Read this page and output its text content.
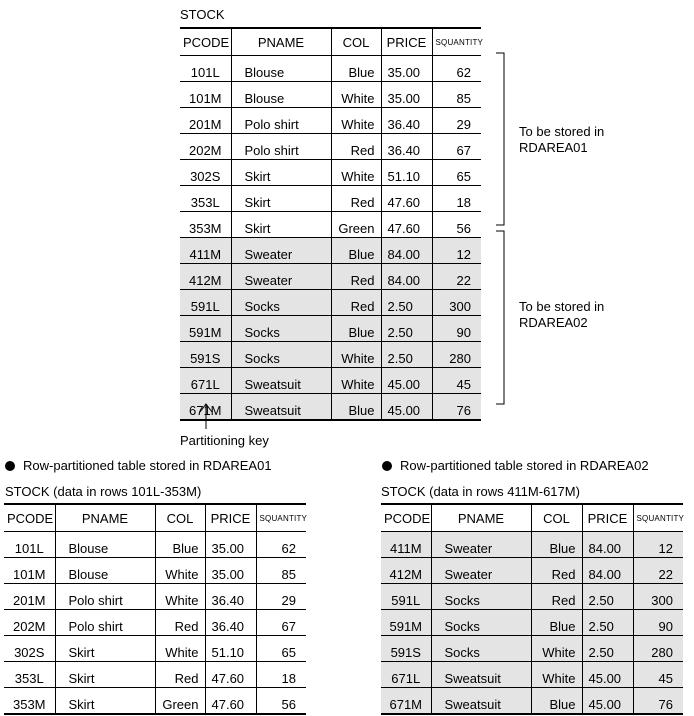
STOCK
PCODE	PNAME	COL	PRICE	SQUANTITY
101L	Blouse	Blue	35.00	62
101M	Blouse	White	35.00	85
201M	Polo shirt	White	36.40	29
202M	Polo shirt	Red	36.40	67
302S	Skirt	White	51.10	65
353L	Skirt	Red	47.60	18
353M	Skirt	Green	47.60	56
411M	Sweater	Blue	84.00	12
412M	Sweater	Red	84.00	22
591L	Socks	Red	2.50	300
591M	Socks	Blue	2.50	90
591S	Socks	White	2.50	280
671L	Sweatsuit	White	45.00	45
671M	Sweatsuit	Blue	45.00	76
To be stored in
RDAREA01
To be stored in
RDAREA02
Partitioning key
Row-partitioned table stored in RDAREA01
STOCK (data in rows 101L-353M)
PCODE	PNAME	COL	PRICE	SQUANTITY
101L	Blouse	Blue	35.00	62
101M	Blouse	White	35.00	85
201M	Polo shirt	White	36.40	29
202M	Polo shirt	Red	36.40	67
302S	Skirt	White	51.10	65
353L	Skirt	Red	47.60	18
353M	Skirt	Green	47.60	56
Row-partitioned table stored in RDAREA02
STOCK (data in rows 411M-617M)
PCODE	PNAME	COL	PRICE	SQUANTITY
411M	Sweater	Blue	84.00	12
412M	Sweater	Red	84.00	22
591L	Socks	Red	2.50	300
591M	Socks	Blue	2.50	90
591S	Socks	White	2.50	280
671L	Sweatsuit	White	45.00	45
671M	Sweatsuit	Blue	45.00	76
